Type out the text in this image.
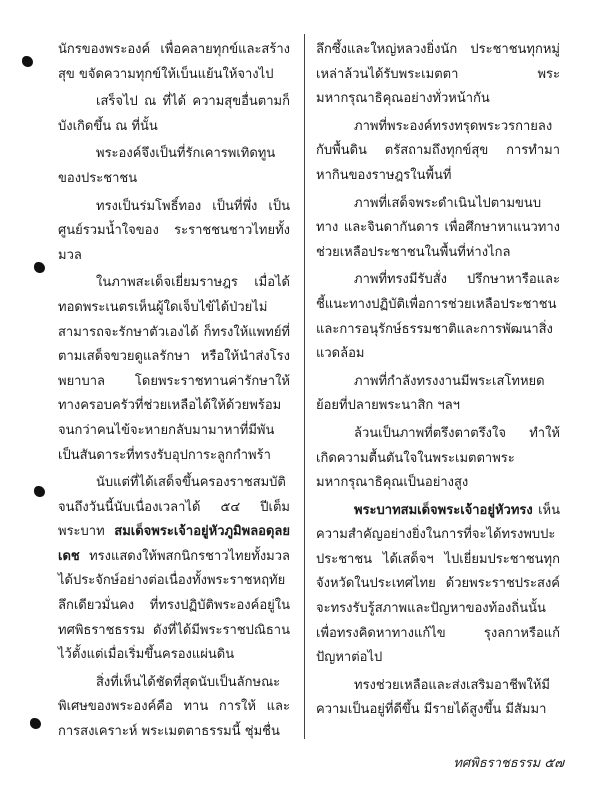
นักรของพระองค์ เพื่อคลายทุกข์และสร้างสุข ขจัดความทุกข์ให้เบ็นแย้นให้จางไป

เสร็จไป ณ ที่ได้ ความสุขอื่นตามก็บังเกิดขึ้น ณ ที่นั้น

พระองค์จึงเป็นที่รักเคารพเทิดทูนของประชาชน

ทรงเป็นร่มโพธิ์ทอง เป็นที่พึ่ง เป็นศูนย์รวมน้ำใจของ ระราชชนชาวไทยทั้งมวล

ในภาพสะเด็จเยี่ยมราษฎร เมื่อได้ทอดพระเนตรเห็นผู้ใดเจ็บไข้ได้ป่วยไม่สามารถจะรักษาตัวเองได้ ก็ทรงให้แพทย์ที่ตามเสด็จขวยดูแลรักษา หรือให้นำส่งโรงพยาบาล โดยพระราชทานค่ารักษาให้ ทางครอบครัวที่ช่วยเหลือได้ให้ด้วยพร้อม จนกว่าคนไข้จะหายกลับมามาหาที่มีพันเป็นสันดาระที่ทรงรับอุปการะลูกกำพร้า

นับแต่ที่ได้เสด็จขึ้นครองราชสมบัติจนถึงวันนี้นับเนื่องเวลาได้ ๕๔ ปีเต็ม พระบาท สมเด็จพระเจ้าอยู่หัวภูมิพลอดุลยเดช ทรงแสดงให้พสกนิกรชาวไทยทั้งมวลได้ประจักษ์อย่างต่อเนื่องทั้งพระราชหฤทัยลึกเดียวมั่นคง ที่ทรงปฏิบัติพระองค์อยู่ในทศพิธราชธรรม ดังที่ได้มีพระราชปณิธานไว้ตั้งแต่เมื่อเริ่มขึ้นครองแผ่นดิน

สิ่งที่เห็นได้ชัดที่สุดนับเป็นลักษณะพิเศษของพระองค์คือ ทาน การให้ และการสงเคราะห์ พระเมตตาธรรมนี้ ชุ่มชื่น

ลึกซึ้งและใหญ่หลวงยิ่งนัก ประชาชนทุกหมู่เหล่าล้วนได้รับพระเมตตา พระมหากรุณาธิคุณอย่างทั่วหน้ากัน

ภาพที่พระองค์ทรงทรุดพระวรกายลงกับพื้นดิน ตรัสถามถึงทุกข์สุข การทำมาหากินของราษฎรในพื้นที่

ภาพที่เสด็จพระดำเนินไปตามขนบทาง และจินดากันดาร เพื่อศึกษาหาแนวทางช่วยเหลือประชาชนในพื้นที่ห่างไกล

ภาพที่ทรงมีรับสั่ง ปรึกษาหารือและชี้แนะทางปฏิบัติเพื่อการช่วยเหลือประชาชนและการอนุรักษ์ธรรมชาติและการพัฒนาสิ่งแวดล้อม

ภาพที่กำลังทรงงานมีพระเสโทหยดย้อยที่ปลายพระนาสิก ฯลฯ

ล้วนเป็นภาพที่ตรึงตาตรึงใจ ทำให้เกิดความตื้นตันใจในพระเมตตาพระมหากรุณาธิคุณเป็นอย่างสูง

พระบาทสมเด็จพระเจ้าอยู่หัวทรง เห็นความสำคัญอย่างยิ่งในการที่จะได้ทรงพบปะประชาชน ได้เสด็จฯ ไปเยี่ยมประชาชนทุกจังหวัดในประเทศไทย ด้วยพระราชประสงค์จะทรงรับรู้สภาพและปัญหาของท้องถิ่นนั้นเพื่อทรงคิดหาทางแก้ไข รุงลกาหรือแก้ปัญหาต่อไป

ทรงช่วยเหลือและส่งเสริมอาชีพให้มีความเป็นอยู่ที่ดีขึ้น มีรายได้สูงขึ้น มีสัมมา

ทศพิธราชธรรม ๕๗
